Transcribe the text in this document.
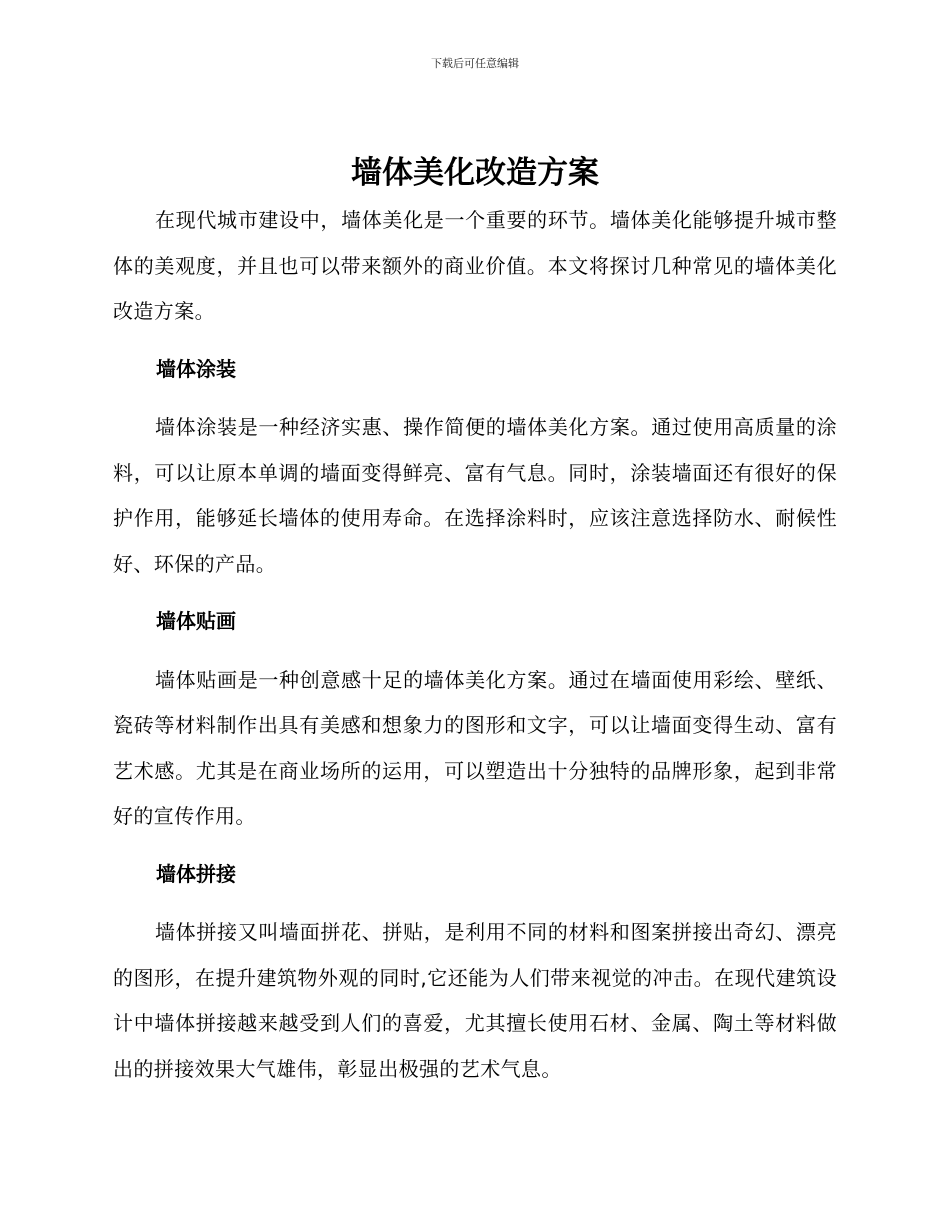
下载后可任意编辑
墙体美化改造方案

在现代城市建设中，墙体美化是一个重要的环节。墙体美化能够提升城市整体的美观度，并且也可以带来额外的商业价值。本文将探讨几种常见的墙体美化改造方案。

墙体涂装

墙体涂装是一种经济实惠、操作简便的墙体美化方案。通过使用高质量的涂料，可以让原本单调的墙面变得鲜亮、富有气息。同时，涂装墙面还有很好的保护作用，能够延长墙体的使用寿命。在选择涂料时，应该注意选择防水、耐候性好、环保的产品。

墙体贴画

墙体贴画是一种创意感十足的墙体美化方案。通过在墙面使用彩绘、壁纸、瓷砖等材料制作出具有美感和想象力的图形和文字，可以让墙面变得生动、富有艺术感。尤其是在商业场所的运用，可以塑造出十分独特的品牌形象，起到非常好的宣传作用。

墙体拼接

墙体拼接又叫墙面拼花、拼贴，是利用不同的材料和图案拼接出奇幻、漂亮的图形，在提升建筑物外观的同时,它还能为人们带来视觉的冲击。在现代建筑设计中墙体拼接越来越受到人们的喜爱，尤其擅长使用石材、金属、陶土等材料做出的拼接效果大气雄伟，彰显出极强的艺术气息。
